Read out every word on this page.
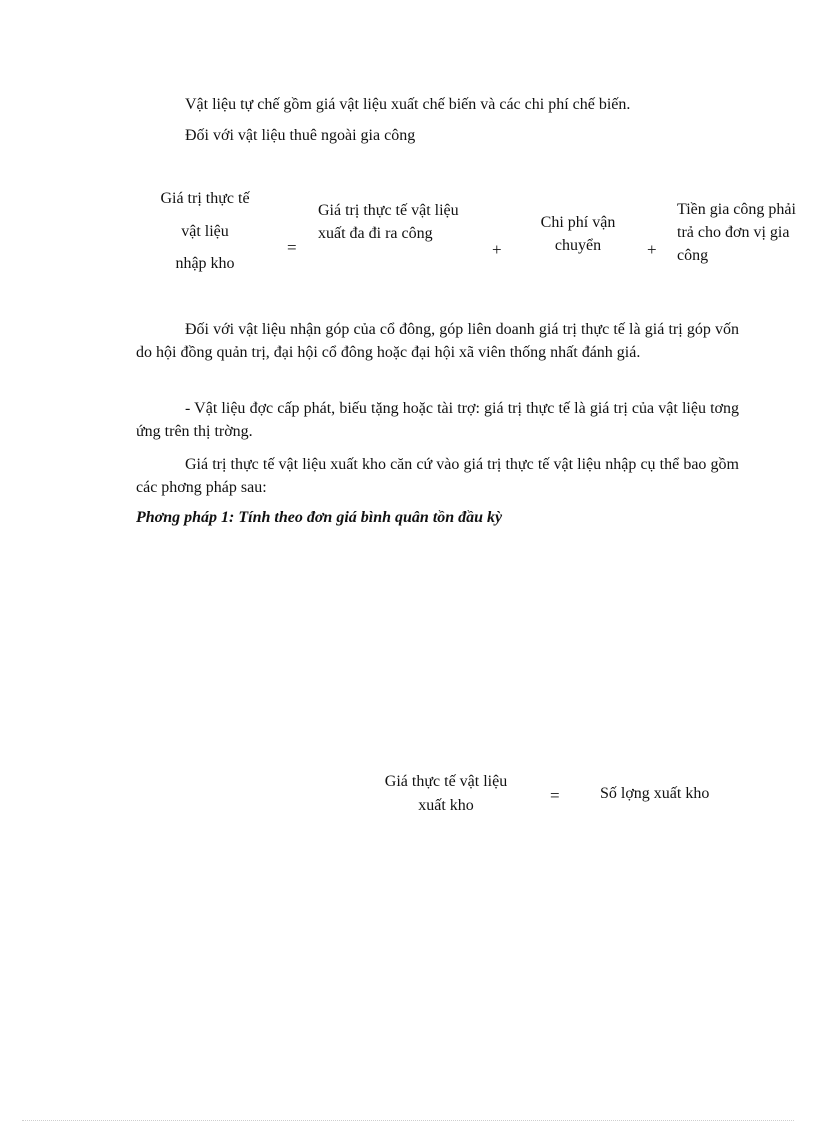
Vật liệu tự chế gồm giá vật liệu xuất chế biến và các chi phí chế biến.
Đối với vật liệu thuê ngoài gia công
Giá trị thực tế
vật liệu
nhập kho
=
Giá trị thực tế vật liệu xuất đa đi ra công
+
Chi phí vận chuyển	+
Tiền gia công phải trả cho đơn vị gia công
Đối với vật liệu nhận góp của cổ đông, góp liên doanh giá trị thực tế là giá trị góp vốn do hội đồng quản trị, đại hội cổ đông hoặc đại hội xã viên thống nhất đánh giá.
- Vật liệu đợc cấp phát, biếu tặng hoặc tài trợ: giá trị thực tế là giá trị của vật liệu tơng ứng trên thị trờng.
Giá trị thực tế vật liệu xuất kho căn cứ vào giá trị thực tế vật liệu nhập cụ thể bao gồm các phơng pháp sau:
Phơng pháp 1: Tính theo đơn giá bình quân tồn đầu kỳ
Giá thực tế vật liệu
xuất kho
=	Số lợng xuất kho
